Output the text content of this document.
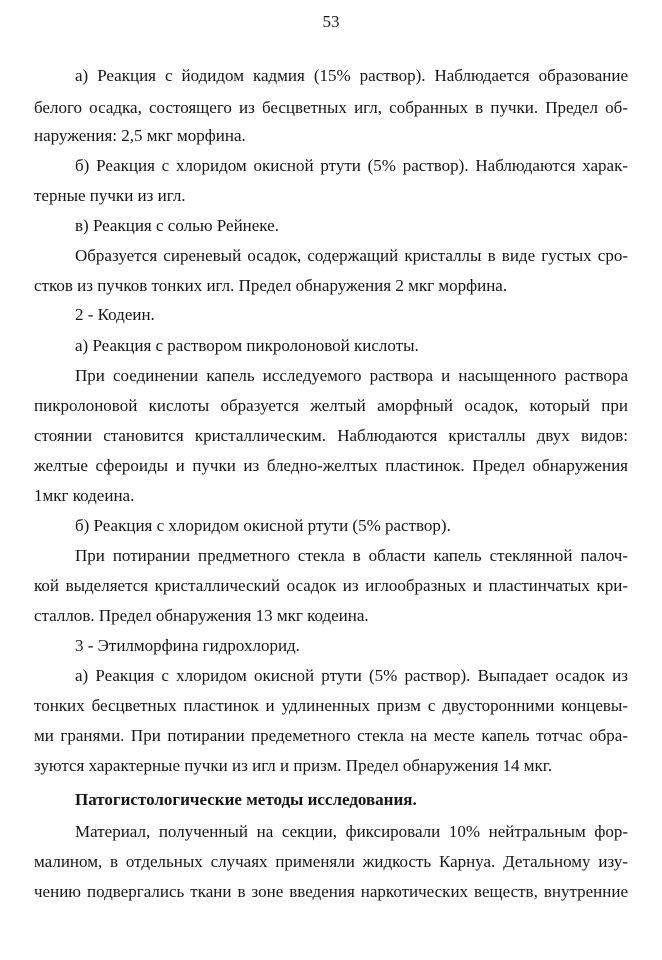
53
а) Реакция с йодидом кадмия (15% раствор). Наблюдается образование
белого осадка, состоящего из бесцветных игл, собранных в пучки. Предел об-
наружения: 2,5 мкг морфина.
б) Реакция с хлоридом окисной ртути (5% раствор). Наблюдаются харак-
терные пучки из игл.
в) Реакция с солью Рейнеке.
Образуется сиреневый осадок, содержащий кристаллы в виде густых сро-
стков из пучков тонких игл. Предел обнаружения 2 мкг морфина.
2 - Кодеин.
а) Реакция с раствором пикролоновой кислоты.
При соединении капель исследуемого раствора и насыщенного раствора
пикролоновой кислоты образуется желтый аморфный осадок, который при
стоянии становится кристаллическим. Наблюдаются кристаллы двух видов:
желтые сфероиды и пучки из бледно-желтых пластинок. Предел обнаружения
1мкг кодеина.
б) Реакция с хлоридом окисной ртути (5% раствор).
При потирании предметного стекла в области капель стеклянной палоч-
кой выделяется кристаллический осадок из иглообразных и пластинчатых кри-
сталлов. Предел обнаружения 13 мкг кодеина.
3 - Этилморфина гидрохлорид.
а) Реакция с хлоридом окисной ртути (5% раствор). Выпадает осадок из
тонких бесцветных пластинок и удлиненных призм с двусторонними концевы-
ми гранями. При потирании предеметного стекла на месте капель тотчас обра-
зуются характерные пучки из игл и призм. Предел обнаружения 14 мкг.
Патогистологические методы исследования.
Материал, полученный на секции, фиксировали 10% нейтральным фор-
малином, в отдельных случаях применяли жидкость Карнуа. Детальному изу-
чению подвергались ткани в зоне введения наркотических веществ, внутренние
